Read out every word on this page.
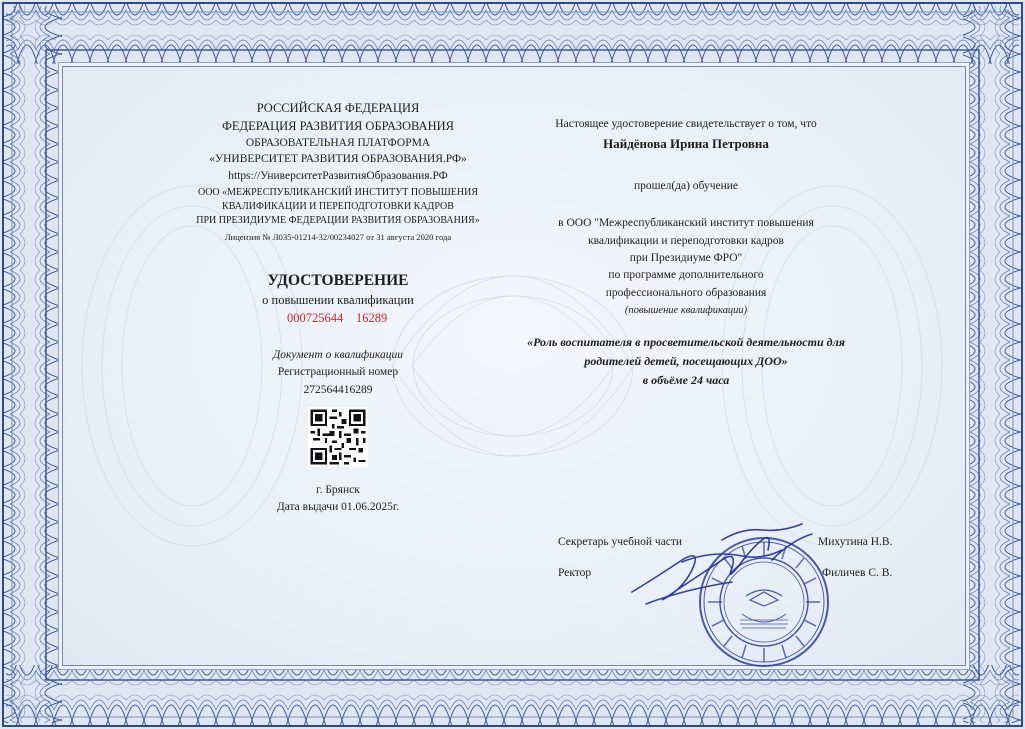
РОССИЙСКАЯ ФЕДЕРАЦИЯ
ФЕДЕРАЦИЯ РАЗВИТИЯ ОБРАЗОВАНИЯ
ОБРАЗОВАТЕЛЬНАЯ ПЛАТФОРМА
«УНИВЕРСИТЕТ РАЗВИТИЯ ОБРАЗОВАНИЯ.РФ»
https://УниверситетРазвитияОбразования.РФ
ООО «МЕЖРЕСПУБЛИКАНСКИЙ ИНСТИТУТ ПОВЫШЕНИЯ
КВАЛИФИКАЦИИ И ПЕРЕПОДГОТОВКИ КАДРОВ
ПРИ ПРЕЗИДИУМЕ ФЕДЕРАЦИИ РАЗВИТИЯ ОБРАЗОВАНИЯ»
Лицензия № Л035-01214-32/00234027 от 31 августа 2020 года
УДОСТОВЕРЕНИЕ
о повышении квалификации
000725644 16289
Документ о квалификации
Регистрационный номер
272564416289
г. Брянск
Дата выдачи 01.06.2025г.
Настоящее удостоверение свидетельствует о том, что
Найдёнова Ирина Петровна
прошел(да) обучение
в ООО "Межреспубликанский институт повышения
квалификации и переподготовки кадров
при Президиуме ФРО"
по программе дополнительного
профессионального образования
(повышение квалификации)
«Роль воспитателя в просветительской деятельности для
родителей детей, посещающих ДОО»
в объёме 24 часа
Секретарь учебной части	Михутина Н.В.
Ректор	Филичев С. В.
